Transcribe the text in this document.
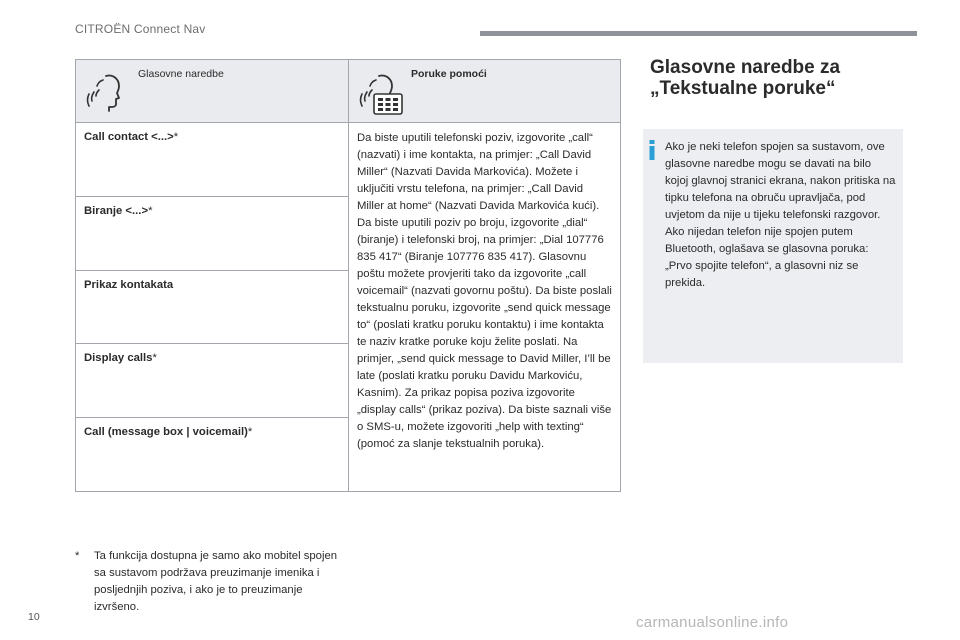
CITROËN Connect Nav
Glasovne naredbe	Poruke pomoći

Call contact <...>*	Da biste uputili telefonski poziv, izgovorite „call“ (nazvati) i ime kontakta, na primjer: „Call David Miller“ (Nazvati Davida Markovića). Možete i uključiti vrstu telefona, na primjer: „Call David Miller at home“ (Nazvati Davida Markovića kući). Da biste uputili poziv po broju, izgovorite „dial“ (biranje) i telefonski broj, na primjer: „Dial 107776 835 417“ (Biranje 107776 835 417). Glasovnu poštu možete provjeriti tako da izgovorite „call voicemail“ (nazvati govornu poštu). Da biste poslali tekstualnu poruku, izgovorite „send quick message to“ (poslati kratku poruku kontaktu) i ime kontakta te naziv kratke poruke koju želite poslati. Na primjer, „send quick message to David Miller, I’ll be late (poslati kratku poruku Davidu Markoviću, Kasnim). Za prikaz popisa poziva izgovorite „display calls“ (prikaz poziva). Da biste saznali više o SMS-u, možete izgovoriti „help with texting“ (pomoć za slanje tekstualnih poruka).
Biranje <...>*	
Prikaz kontakata	
Display calls*	
Call (message box | voicemail)*	
* Ta funkcija dostupna je samo ako mobitel spojen sa sustavom podržava preuzimanje imenika i posljednjih poziva, i ako je to preuzimanje izvršeno.
Glasovne naredbe za
„Tekstualne poruke“
Ako je neki telefon spojen sa sustavom, ove glasovne naredbe mogu se davati na bilo kojoj glavnoj stranici ekrana, nakon pritiska na tipku telefona na obruču upravljača, pod uvjetom da nije u tijeku telefonski razgovor.
Ako nijedan telefon nije spojen putem Bluetooth, oglašava se glasovna poruka: „Prvo spojite telefon“, a glasovni niz se prekida.
10	carmanualsonline.info
